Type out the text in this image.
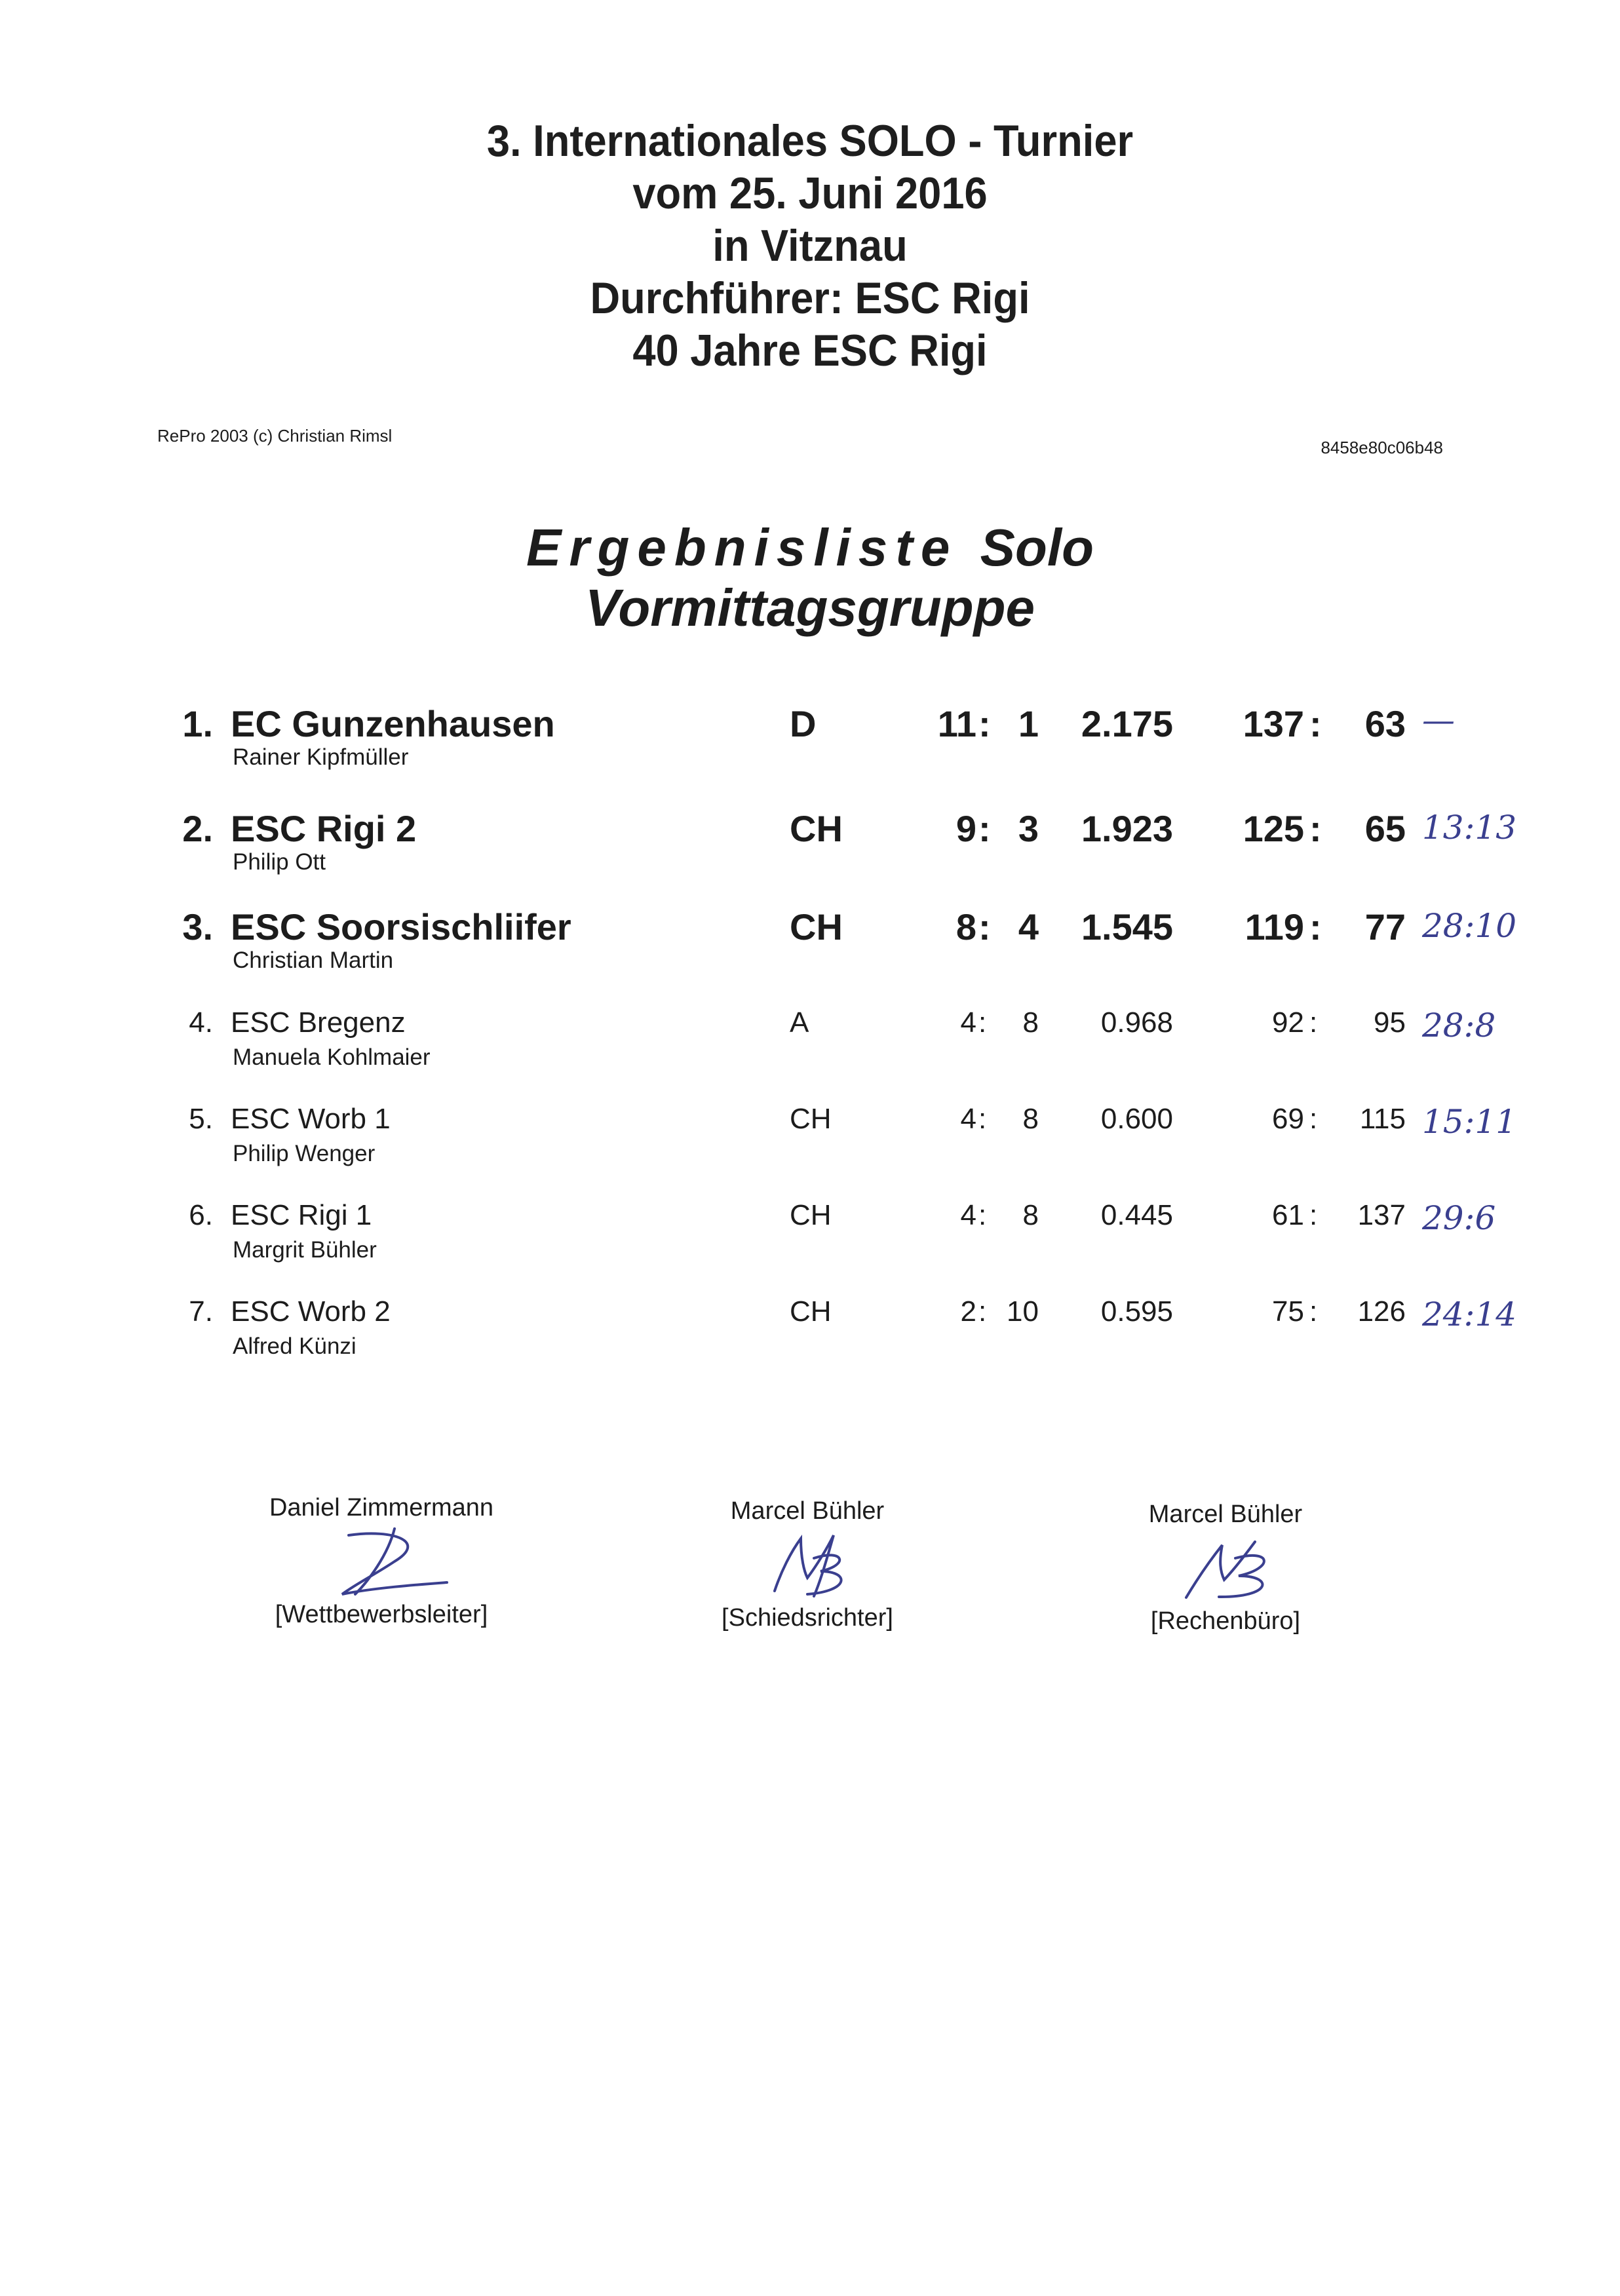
3. Internationales SOLO - Turnier
vom 25. Juni 2016
in Vitznau
Durchführer: ESC Rigi
40 Jahre ESC Rigi
RePro 2003 (c) Christian Rimsl
8458e80c06b48
Ergebnisliste Solo
Vormittagsgruppe
1. EC Gunzenhausen
Rainer Kipfmüller
D	11 : 1	2.175 137 :	63 —
2. ESC Rigi 2
Philip Ott
CH	9 : 3	1.923 125 :	65 13:13
3. ESC Soorsischliifer
Christian Martin
CH	8 : 4	1.545	119 :	77 28:10
4. ESC Bregenz
Manuela Kohlmaier
A	4 :	8	0.968	92 :	95 28:8
5. ESC Worb 1
Philip Wenger
CH	4 :	8	0.600	69 :	115 15:11
6. ESC Rigi 1
Margrit Bühler
CH	4 :	8	0.445	61 :	137 29:6
7. ESC Worb 2
Alfred Künzi
CH	2 : 10	0.595	75 :	126 24:14
Daniel Zimmermann
[Wettbewerbsleiter]
Marcel Bühler
[Schiedsrichter]
Marcel Bühler
[Rechenbüro]
